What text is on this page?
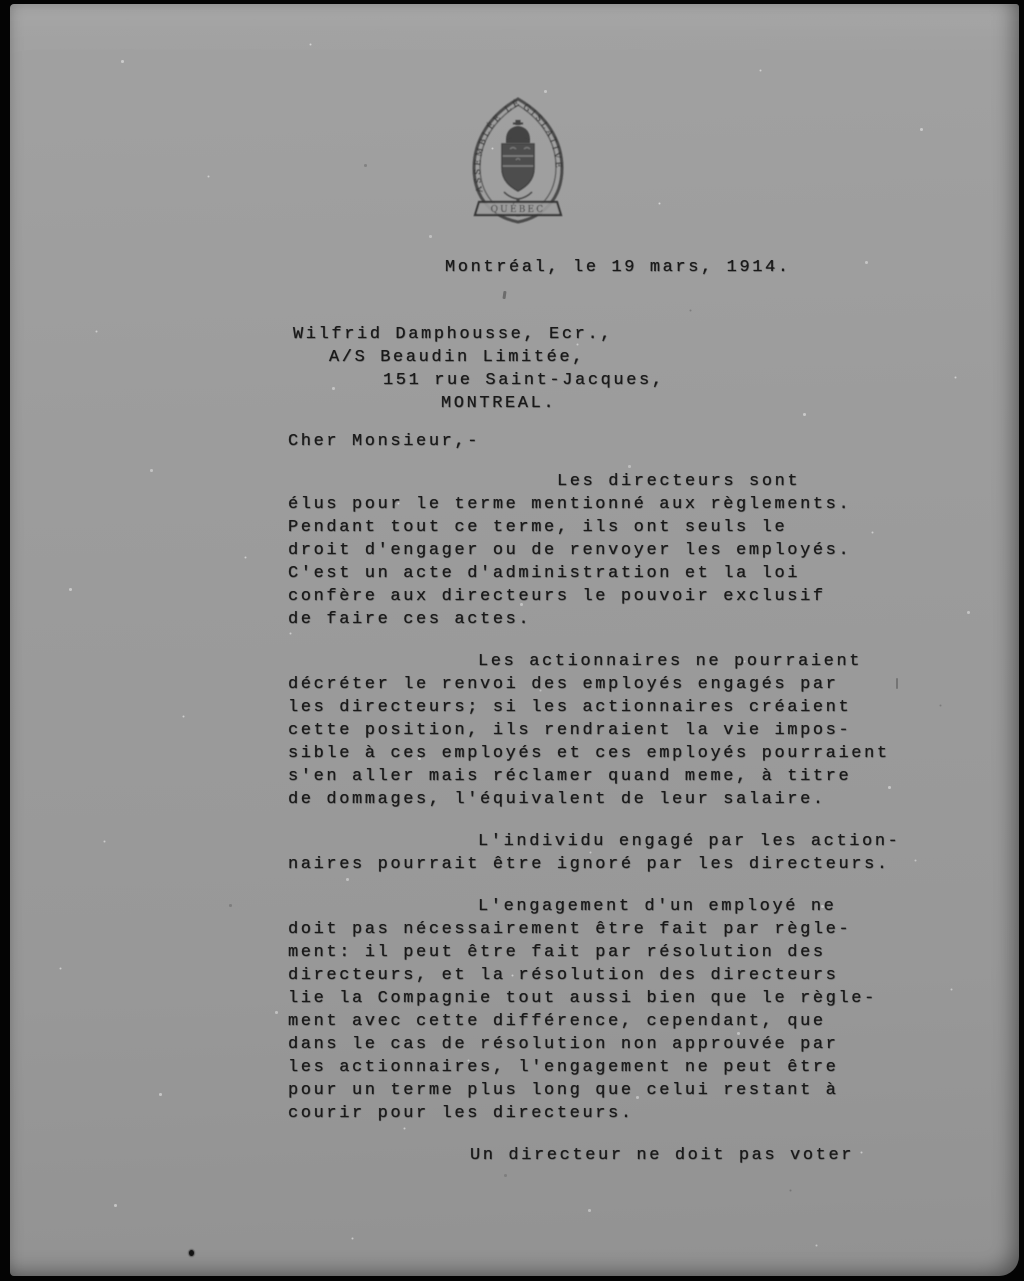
ASSEMBLÉE LÉGISLATIVE
QUÉBEC
Montréal, le 19 mars, 1914.
Wilfrid Damphousse, Ecr.,
A/S Beaudin Limitée,
151 rue Saint-Jacques,
MONTREAL.
Cher Monsieur,-
Les directeurs sont
élus pour le terme mentionné aux règlements.
Pendant tout ce terme, ils ont seuls le
droit d'engager ou de renvoyer les employés.
C'est un acte d'administration et la loi
confère aux directeurs le pouvoir exclusif
de faire ces actes.
Les actionnaires ne pourraient
décréter le renvoi des employés engagés par
les directeurs; si les actionnaires créaient
cette position, ils rendraient la vie impos-
sible à ces employés et ces employés pourraient
s'en aller mais réclamer quand meme, à titre
de dommages, l'équivalent de leur salaire.
L'individu engagé par les action-
naires pourrait être ignoré par les directeurs.
L'engagement d'un employé ne
doit pas nécessairement être fait par règle-
ment: il peut être fait par résolution des
directeurs, et la résolution des directeurs
lie la Compagnie tout aussi bien que le règle-
ment avec cette différence, cependant, que
dans le cas de résolution non approuvée par
les actionnaires, l'engagement ne peut être
pour un terme plus long que celui restant à
courir pour les directeurs.
Un directeur ne doit pas voter
